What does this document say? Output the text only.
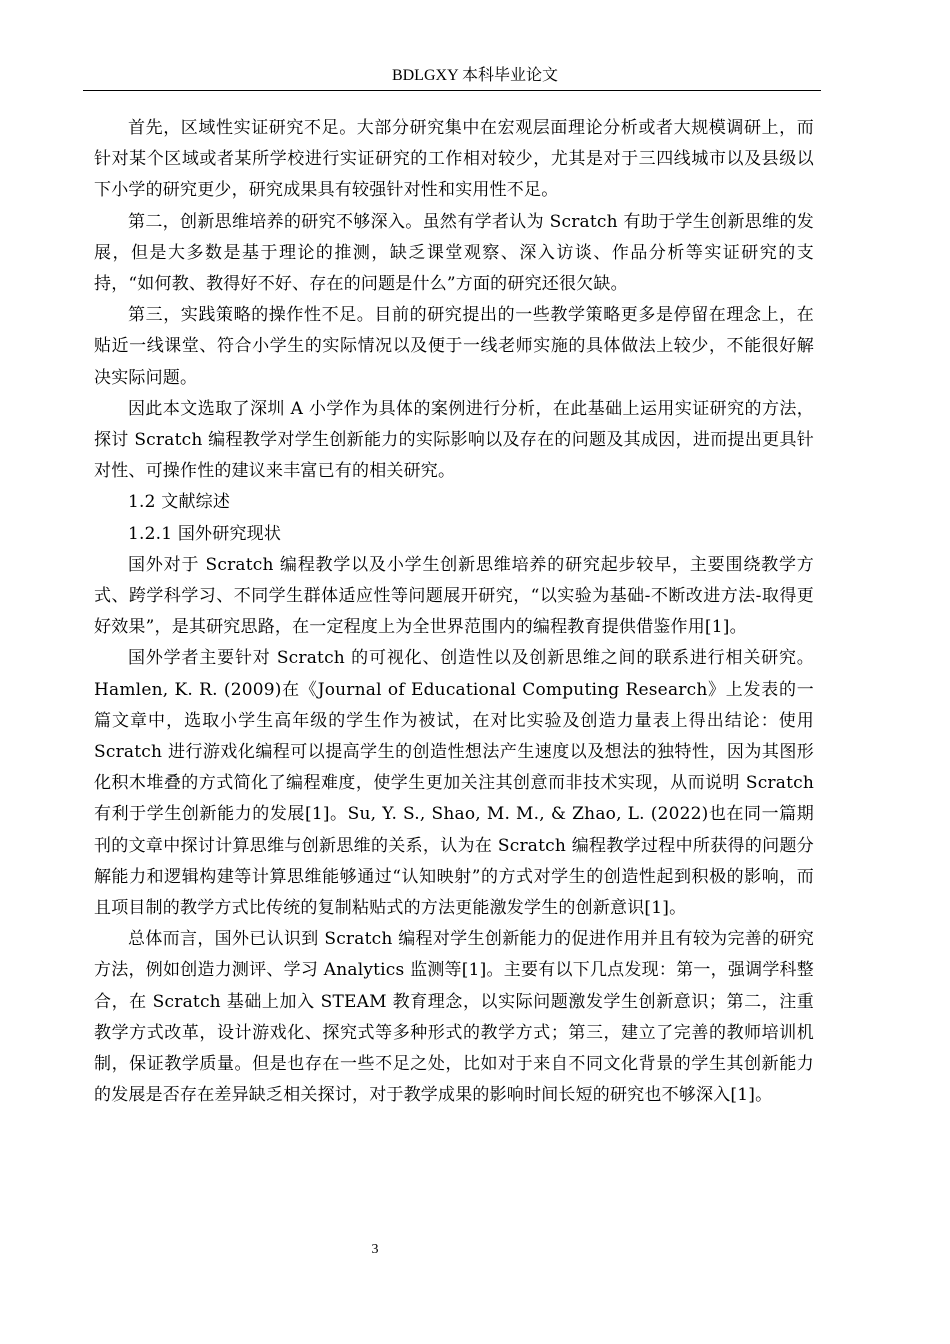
BDLGXY 本科毕业论文

首先，区域性实证研究不足。大部分研究集中在宏观层面理论分析或者大规模调研上，而针对某个区域或者某所学校进行实证研究的工作相对较少，尤其是对于三四线城市以及县级以下小学的研究更少，研究成果具有较强针对性和实用性不足。

第二，创新思维培养的研究不够深入。虽然有学者认为 Scratch 有助于学生创新思维的发展，但是大多数是基于理论的推测，缺乏课堂观察、深入访谈、作品分析等实证研究的支持，“如何教、教得好不好、存在的问题是什么”方面的研究还很欠缺。

第三，实践策略的操作性不足。目前的研究提出的一些教学策略更多是停留在理念上，在贴近一线课堂、符合小学生的实际情况以及便于一线老师实施的具体做法上较少，不能很好解决实际问题。

因此本文选取了深圳 A 小学作为具体的案例进行分析，在此基础上运用实证研究的方法，探讨 Scratch 编程教学对学生创新能力的实际影响以及存在的问题及其成因，进而提出更具针对性、可操作性的建议来丰富已有的相关研究。

1.2 文献综述

1.2.1 国外研究现状

国外对于 Scratch 编程教学以及小学生创新思维培养的研究起步较早，主要围绕教学方式、跨学科学习、不同学生群体适应性等问题展开研究，“以实验为基础-不断改进方法-取得更好效果”，是其研究思路，在一定程度上为全世界范围内的编程教育提供借鉴作用[1]。

国外学者主要针对 Scratch 的可视化、创造性以及创新思维之间的联系进行相关研究。Hamlen, K. R. (2009)在《Journal of Educational Computing Research》上发表的一篇文章中，选取小学生高年级的学生作为被试，在对比实验及创造力量表上得出结论：使用 Scratch 进行游戏化编程可以提高学生的创造性想法产生速度以及想法的独特性，因为其图形化积木堆叠的方式简化了编程难度，使学生更加关注其创意而非技术实现，从而说明 Scratch 有利于学生创新能力的发展[1]。Su, Y. S., Shao, M. M., & Zhao, L. (2022)也在同一篇期刊的文章中探讨计算思维与创新思维的关系，认为在 Scratch 编程教学过程中所获得的问题分解能力和逻辑构建等计算思维能够通过“认知映射”的方式对学生的创造性起到积极的影响，而且项目制的教学方式比传统的复制粘贴式的方法更能激发学生的创新意识[1]。

总体而言，国外已认识到 Scratch 编程对学生创新能力的促进作用并且有较为完善的研究方法，例如创造力测评、学习 Analytics 监测等[1]。主要有以下几点发现：第一，强调学科整合，在 Scratch 基础上加入 STEAM 教育理念，以实际问题激发学生创新意识；第二，注重教学方式改革，设计游戏化、探究式等多种形式的教学方式；第三，建立了完善的教师培训机制，保证教学质量。但是也存在一些不足之处，比如对于来自不同文化背景的学生其创新能力的发展是否存在差异缺乏相关探讨，对于教学成果的影响时间长短的研究也不够深入[1]。

3
